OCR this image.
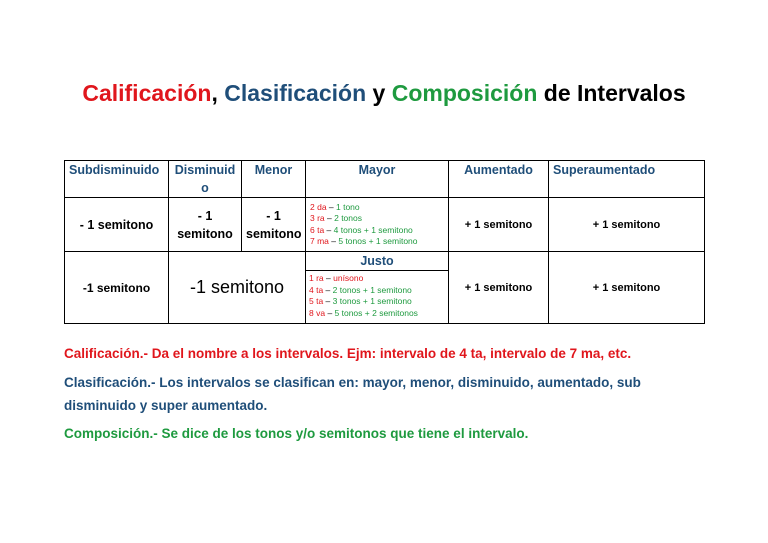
Calificación, Clasificación y Composición de Intervalos
Subdisminuido	Disminuido	Menor	Mayor	Aumentado	Superaumentado
- 1 semitono	- 1 semitono	- 1 semitono	2 da – 1 tono
3 ra – 2 tonos
6 ta – 4 tonos + 1 semitono
7 ma – 5 tonos + 1 semitono	+ 1 semitono	+ 1 semitono
-1 semitono	-1 semitono		Justo
1 ra – unísono
4 ta – 2 tonos + 1 semitono
5 ta – 3 tonos + 1 semitono
8 va – 5 tonos + 2 semitonos	+ 1 semitono	+ 1 semitono
Calificación.- Da el nombre a los intervalos. Ejm: intervalo de 4 ta, intervalo de 7 ma, etc.
Clasificación.- Los intervalos se clasifican en: mayor, menor, disminuido, aumentado, sub disminuido y super aumentado.
Composición.- Se dice de los tonos y/o semitonos que tiene el intervalo.
